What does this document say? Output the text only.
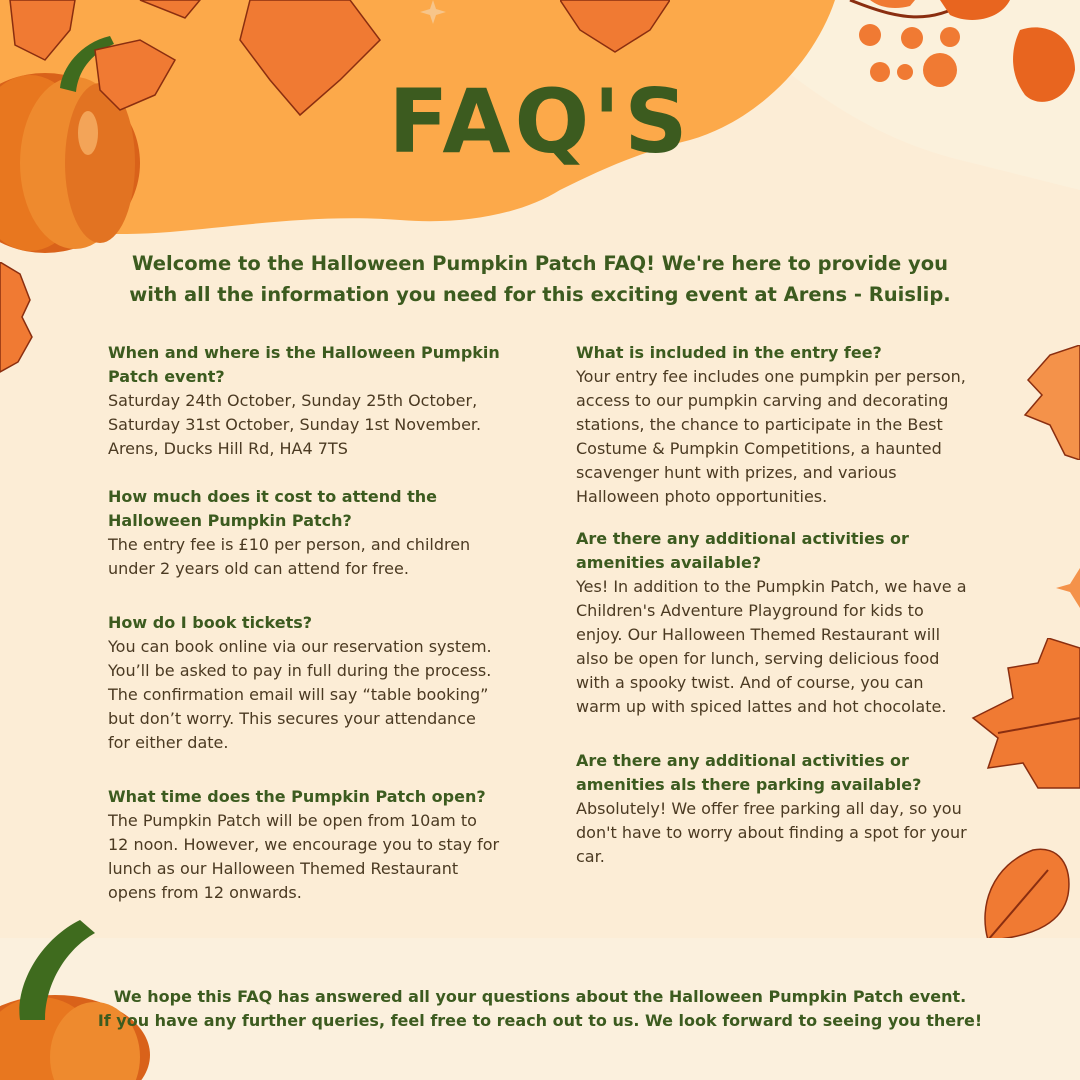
FAQ'S

Welcome to the Halloween Pumpkin Patch FAQ! We're here to provide you with all the information you need for this exciting event at Arens - Ruislip.

When and where is the Halloween Pumpkin Patch event?

Saturday 24th October, Sunday 25th October, Saturday 31st October, Sunday 1st November. Arens, Ducks Hill Rd, HA4 7TS

How much does it cost to attend the Halloween Pumpkin Patch?

The entry fee is £10 per person, and children under 2 years old can attend for free.

How do I book tickets?

You can book online via our reservation system. You’ll be asked to pay in full during the process. The confirmation email will say “table booking” but don’t worry. This secures your attendance for either date.

What time does the Pumpkin Patch open?

The Pumpkin Patch will be open from 10am to 12 noon. However, we encourage you to stay for lunch as our Halloween Themed Restaurant opens from 12 onwards.

What is included in the entry fee?

Your entry fee includes one pumpkin per person, access to our pumpkin carving and decorating stations, the chance to participate in the Best Costume & Pumpkin Competitions, a haunted scavenger hunt with prizes, and various Halloween photo opportunities.

Are there any additional activities or amenities available?

Yes! In addition to the Pumpkin Patch, we have a Children's Adventure Playground for kids to enjoy. Our Halloween Themed Restaurant will also be open for lunch, serving delicious food with a spooky twist. And of course, you can warm up with spiced lattes and hot chocolate.

Are there any additional activities or amenities als there parking available?

Absolutely! We offer free parking all day, so you don't have to worry about finding a spot for your car.

We hope this FAQ has answered all your questions about the Halloween Pumpkin Patch event.
If you have any further queries, feel free to reach out to us. We look forward to seeing you there!
